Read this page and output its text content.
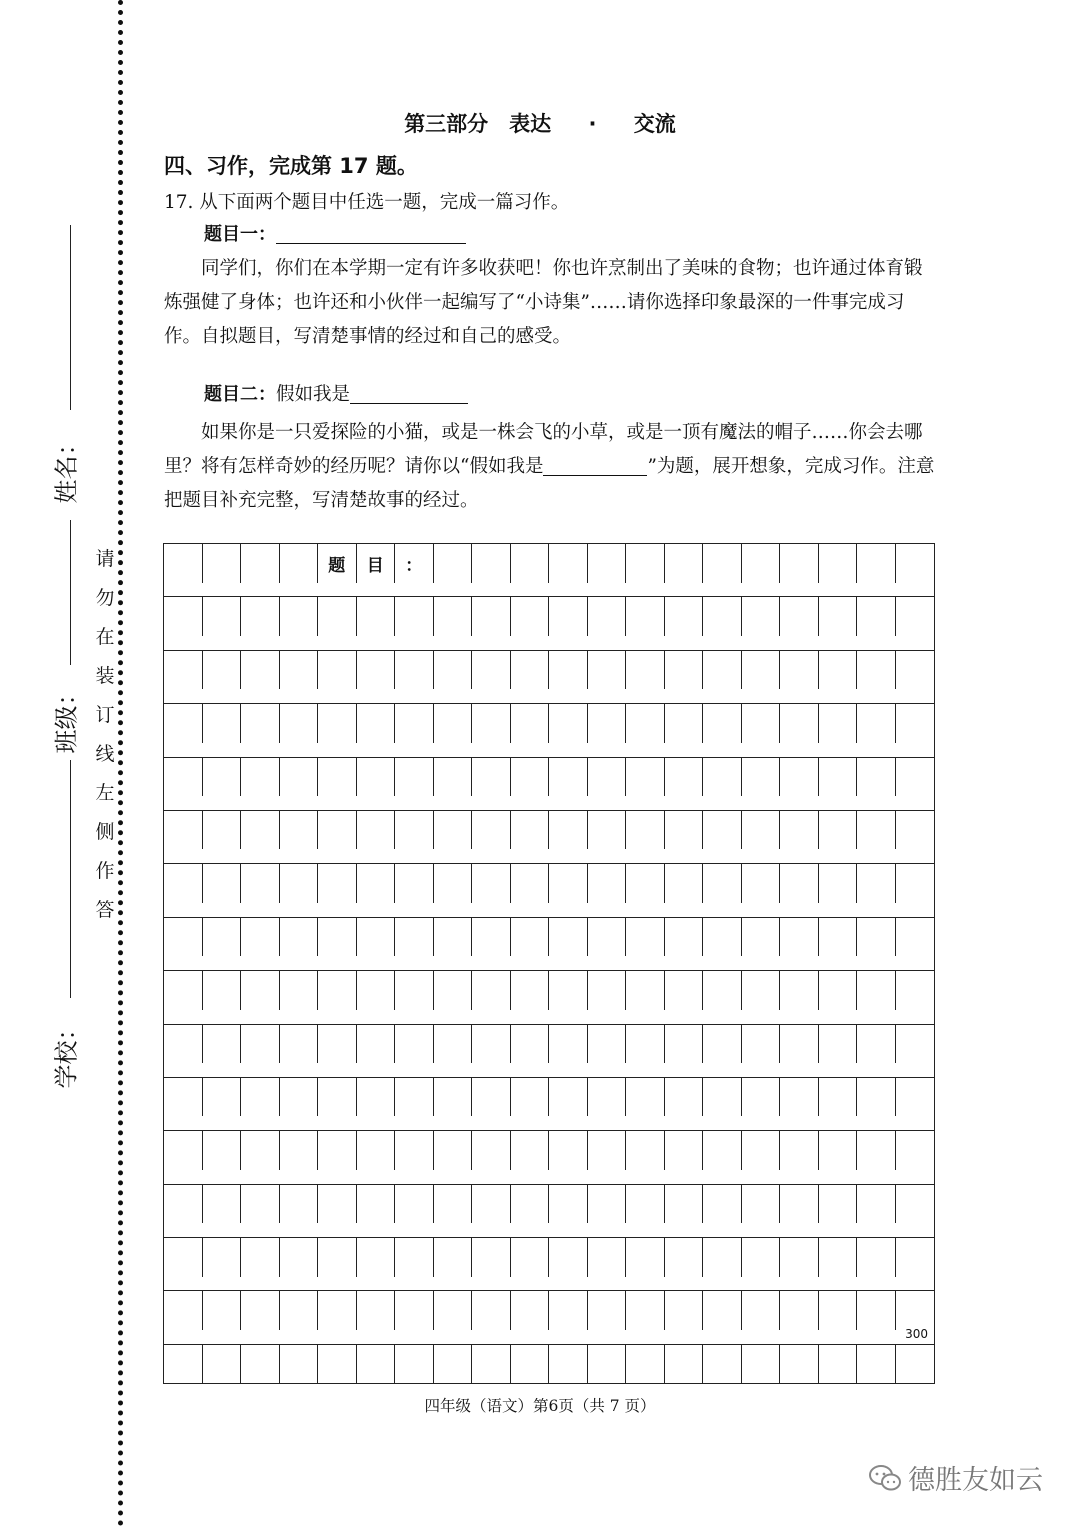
姓名：
班级：
学校：
请
勿
在
装
订
线
左
侧
作
答
第三部分　表达 · 交流
四、习作，完成第 17 题。
17. 从下面两个题目中任选一题，完成一篇习作。
题目一：
同学们，你们在本学期一定有许多收获吧！你也许烹制出了美味的食物；也许通过体育锻炼强健了身体；也许还和小伙伴一起编写了“小诗集”……请你选择印象最深的一件事完成习作。自拟题目，写清楚事情的经过和自己的感受。
题目二：假如我是
如果你是一只爱探险的小猫，或是一株会飞的小草，或是一顶有魔法的帽子……你会去哪里？将有怎样奇妙的经历呢？请你以“假如我是	”为题，展开想象，完成习作。注意把题目补充完整，写清楚故事的经过。
题	目	：
300
四年级（语文）第6页（共 7 页）
德胜友如云
